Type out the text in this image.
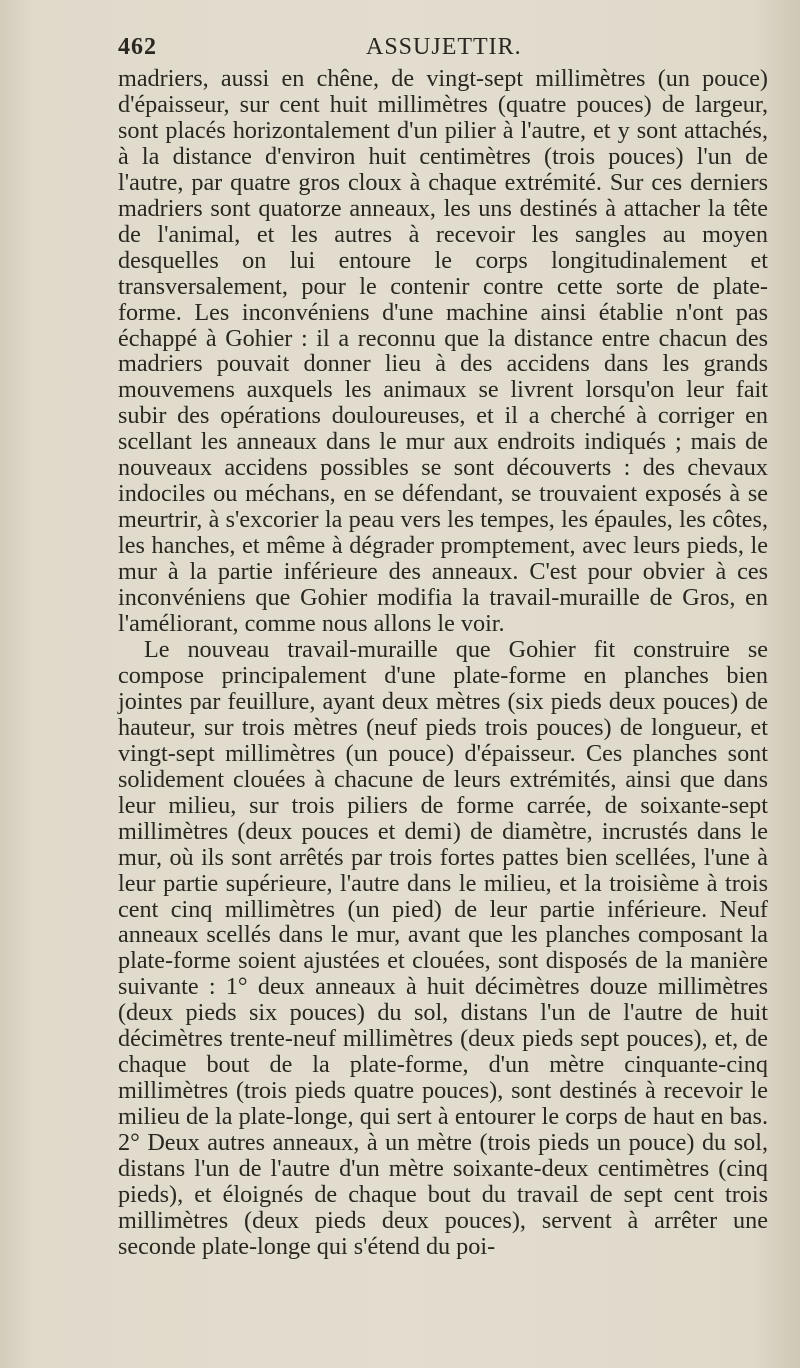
462	ASSUJETTIR.

madriers, aussi en chêne, de vingt-sept millimètres (un pouce) d'épaisseur, sur cent huit millimètres (quatre pouces) de largeur, sont placés horizontalement d'un pilier à l'autre, et y sont attachés, à la distance d'environ huit centimètres (trois pouces) l'un de l'autre, par quatre gros cloux à chaque extrémité. Sur ces derniers madriers sont quatorze anneaux, les uns destinés à attacher la tête de l'animal, et les autres à recevoir les sangles au moyen desquelles on lui entoure le corps longitudinalement et transversalement, pour le contenir contre cette sorte de plate-forme. Les inconvéniens d'une machine ainsi établie n'ont pas échappé à Gohier : il a reconnu que la distance entre chacun des madriers pouvait donner lieu à des accidens dans les grands mouvemens auxquels les animaux se livrent lorsqu'on leur fait subir des opérations douloureuses, et il a cherché à corriger en scellant les anneaux dans le mur aux endroits indiqués ; mais de nouveaux accidens possibles se sont découverts : des chevaux indociles ou méchans, en se défendant, se trouvaient exposés à se meurtrir, à s'excorier la peau vers les tempes, les épaules, les côtes, les hanches, et même à dégrader promptement, avec leurs pieds, le mur à la partie inférieure des anneaux. C'est pour obvier à ces inconvéniens que Gohier modifia la travail-muraille de Gros, en l'améliorant, comme nous allons le voir.

Le nouveau travail-muraille que Gohier fit construire se compose principalement d'une plate-forme en planches bien jointes par feuillure, ayant deux mètres (six pieds deux pouces) de hauteur, sur trois mètres (neuf pieds trois pouces) de longueur, et vingt-sept millimètres (un pouce) d'épaisseur. Ces planches sont solidement clouées à chacune de leurs extrémités, ainsi que dans leur milieu, sur trois piliers de forme carrée, de soixante-sept millimètres (deux pouces et demi) de diamètre, incrustés dans le mur, où ils sont arrêtés par trois fortes pattes bien scellées, l'une à leur partie supérieure, l'autre dans le milieu, et la troisième à trois cent cinq millimètres (un pied) de leur partie inférieure. Neuf anneaux scellés dans le mur, avant que les planches composant la plate-forme soient ajustées et clouées, sont disposés de la manière suivante : 1° deux anneaux à huit décimètres douze millimètres (deux pieds six pouces) du sol, distans l'un de l'autre de huit décimètres trente-neuf millimètres (deux pieds sept pouces), et, de chaque bout de la plate-forme, d'un mètre cinquante-cinq millimètres (trois pieds quatre pouces), sont destinés à recevoir le milieu de la plate-longe, qui sert à entourer le corps de haut en bas. 2° Deux autres anneaux, à un mètre (trois pieds un pouce) du sol, distans l'un de l'autre d'un mètre soixante-deux centimètres (cinq pieds), et éloignés de chaque bout du travail de sept cent trois millimètres (deux pieds deux pouces), servent à arrêter une seconde plate-longe qui s'étend du poi-
